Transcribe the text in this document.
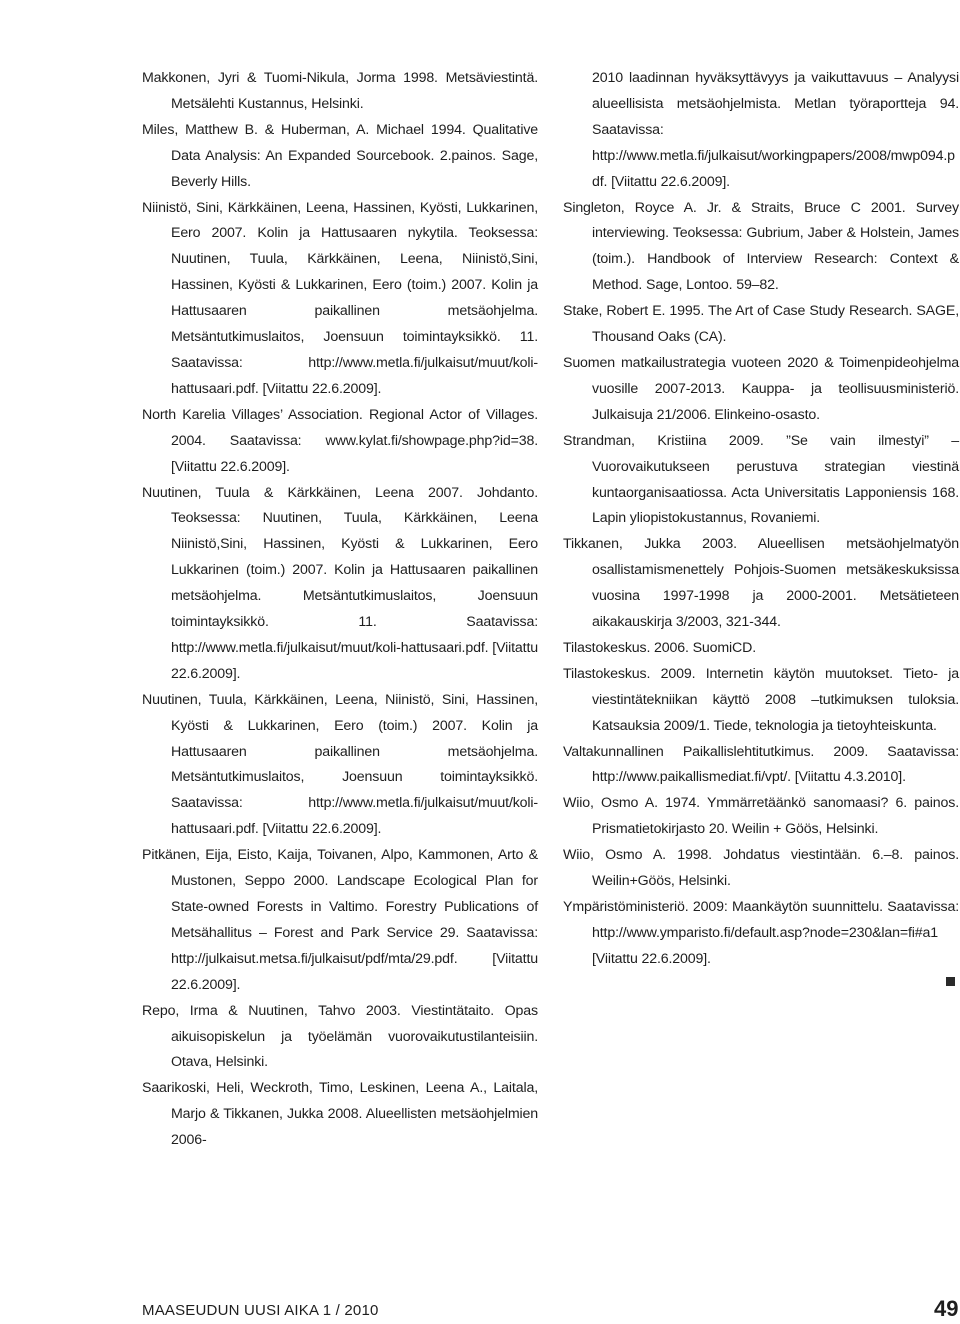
Makkonen, Jyri & Tuomi-Nikula, Jorma 1998. Metsäviestintä. Metsälehti Kustannus, Helsinki.

Miles, Matthew B. & Huberman, A. Michael 1994. Qualitative Data Analysis: An Expanded Sourcebook. 2.painos. Sage, Beverly Hills.

Niinistö, Sini, Kärkkäinen, Leena, Hassinen, Kyösti, Lukkarinen, Eero 2007. Kolin ja Hattusaaren nykytila. Teoksessa: Nuutinen, Tuula, Kärkkäinen, Leena, Niinistö,Sini, Hassinen, Kyösti & Lukkarinen, Eero (toim.) 2007. Kolin ja Hattusaaren paikallinen metsäohjelma. Metsäntutkimuslaitos, Joensuun toimintayksikkö. 11. Saatavissa: http://www.metla.fi/julkaisut/muut/koli-hattusaari.pdf. [Viitattu 22.6.2009].

North Karelia Villages’ Association. Regional Actor of Villages. 2004. Saatavissa: www.kylat.fi/showpage.php?id=38. [Viitattu 22.6.2009].

Nuutinen, Tuula & Kärkkäinen, Leena 2007. Johdanto. Teoksessa: Nuutinen, Tuula, Kärkkäinen, Leena Niinistö,Sini, Hassinen, Kyösti & Lukkarinen, Eero Lukkarinen (toim.) 2007. Kolin ja Hattusaaren paikallinen metsäohjelma. Metsäntutkimuslaitos, Joensuun toimintayksikkö. 11. Saatavissa: http://www.metla.fi/julkaisut/muut/koli-hattusaari.pdf. [Viitattu 22.6.2009].

Nuutinen, Tuula, Kärkkäinen, Leena, Niinistö, Sini, Hassinen, Kyösti & Lukkarinen, Eero (toim.) 2007. Kolin ja Hattusaaren paikallinen metsäohjelma. Metsäntutkimuslaitos, Joensuun toimintayksikkö. Saatavissa: http://www.metla.fi/julkaisut/muut/koli-hattusaari.pdf. [Viitattu 22.6.2009].

Pitkänen, Eija, Eisto, Kaija, Toivanen, Alpo, Kammonen, Arto & Mustonen, Seppo 2000. Landscape Ecological Plan for State-owned Forests in Valtimo. Forestry Publications of Metsähallitus – Forest and Park Service 29. Saatavissa: http://julkaisut.metsa.fi/julkaisut/pdf/mta/29.pdf. [Viitattu 22.6.2009].

Repo, Irma & Nuutinen, Tahvo 2003. Viestintätaito. Opas aikuisopiskelun ja työelämän vuorovaikutustilanteisiin. Otava, Helsinki.

Saarikoski, Heli, Weckroth, Timo, Leskinen, Leena A., Laitala, Marjo & Tikkanen, Jukka 2008. Alueellisten metsäohjelmien 2006-

2010 laadinnan hyväksyttävyys ja vaikuttavuus – Analyysi alueellisista metsäohjelmista. Metlan työraportteja 94. Saatavissa: http://www.metla.fi/julkaisut/workingpapers/2008/mwp094.pdf. [Viitattu 22.6.2009].

Singleton, Royce A. Jr. & Straits, Bruce C 2001. Survey interviewing. Teoksessa: Gubrium, Jaber & Holstein, James (toim.). Handbook of Interview Research: Context & Method. Sage, Lontoo. 59–82.

Stake, Robert E. 1995. The Art of Case Study Research. SAGE, Thousand Oaks (CA).

Suomen matkailustrategia vuoteen 2020 & Toimenpideohjelma vuosille 2007-2013. Kauppa- ja teollisuusministeriö. Julkaisuja 21/2006. Elinkeino-osasto.

Strandman, Kristiina 2009. ”Se vain ilmestyi” – Vuorovaikutukseen perustuva strategian viestinä kuntaorganisaatiossa. Acta Universitatis Lapponiensis 168. Lapin yliopistokustannus, Rovaniemi.

Tikkanen, Jukka 2003. Alueellisen metsäohjelmatyön osallistamismenettely Pohjois-Suomen metsäkeskuksissa vuosina 1997-1998 ja 2000-2001. Metsätieteen aikakauskirja 3/2003, 321-344.

Tilastokeskus. 2006. SuomiCD.

Tilastokeskus. 2009. Internetin käytön muutokset. Tieto- ja viestintätekniikan käyttö 2008 –tutkimuksen tuloksia. Katsauksia 2009/1. Tiede, teknologia ja tietoyhteiskunta.

Valtakunnallinen Paikallislehtitutkimus. 2009. Saatavissa: http://www.paikallismediat.fi/vpt/. [Viitattu 4.3.2010].

Wiio, Osmo A. 1974. Ymmärretäänkö sanomaasi? 6. painos. Prismatietokirjasto 20. Weilin + Göös, Helsinki.

Wiio, Osmo A. 1998. Johdatus viestintään. 6.–8. painos. Weilin+Göös, Helsinki.

Ympäristöministeriö. 2009: Maankäytön suunnittelu. Saatavissa: http://www.ymparisto.fi/default.asp?node=230&lan=fi#a1 [Viitattu 22.6.2009].

MAASEUDUN UUSI AIKA 1 / 2010	49
